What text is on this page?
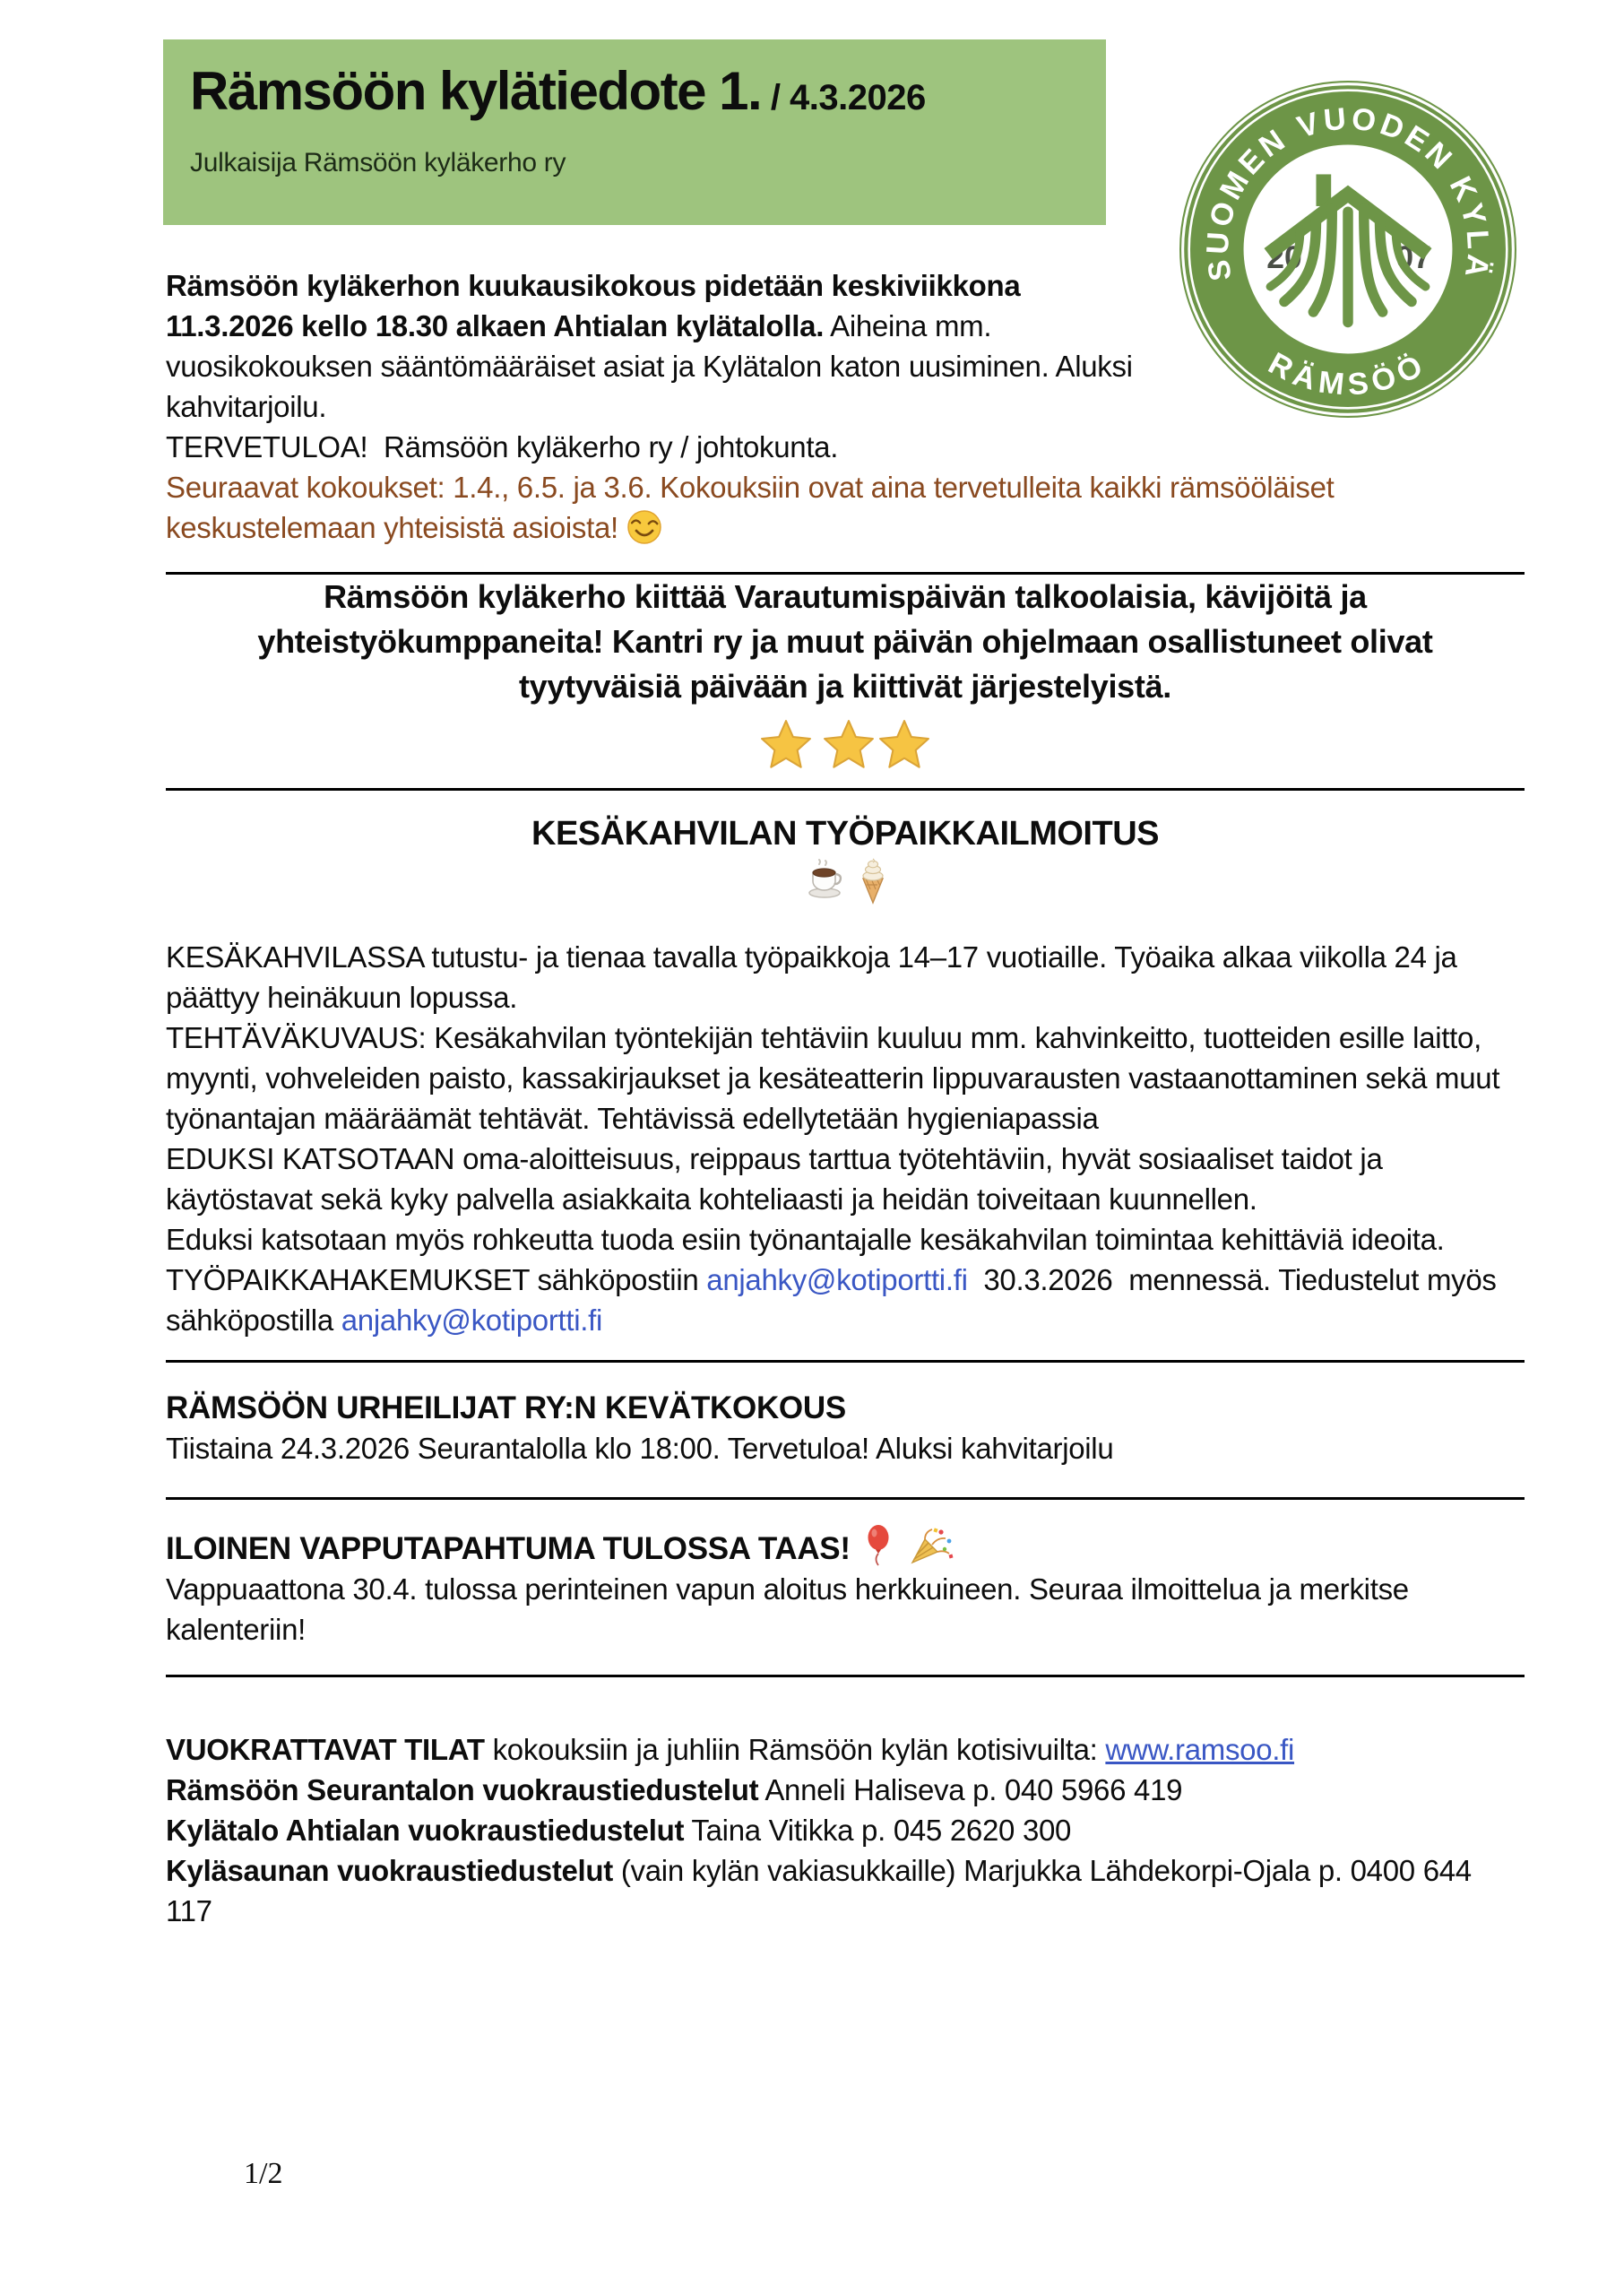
Rämsöön kylätiedote 1. / 4.3.2026
Julkaisija Rämsöön kyläkerho ry
SUOMEN VUODEN KYLÄ
RÄMSÖÖ
20	07

Rämsöön kyläkerhon kuukausikokous pidetään keskiviikkona 11.3.2026 kello 18.30 alkaen Ahtialan kylätalolla. Aiheina mm. vuosikokouksen sääntömääräiset asiat ja Kylätalon katon uusiminen. Aluksi kahvitarjoilu.

TERVETULOA!  Rämsöön kyläkerho ry / johtokunta.

Seuraavat kokoukset: 1.4., 6.5. ja 3.6. Kokouksiin ovat aina tervetulleita kaikki rämsööläiset keskustelemaan yhteisistä asioista!

Rämsöön kyläkerho kiittää Varautumispäivän talkoolaisia, kävijöitä ja yhteistyökumppaneita! Kantri ry ja muut päivän ohjelmaan osallistuneet olivat tyytyväisiä päivään ja kiittivät järjestelyistä.

KESÄKAHVILAN TYÖPAIKKAILMOITUS

KESÄKAHVILASSA tutustu- ja tienaa tavalla työpaikkoja 14–17 vuotiaille. Työaika alkaa viikolla 24 ja päättyy heinäkuun lopussa.

TEHTÄVÄKUVAUS: Kesäkahvilan työntekijän tehtäviin kuuluu mm. kahvinkeitto, tuotteiden esille laitto, myynti, vohveleiden paisto, kassakirjaukset ja kesäteatterin lippuvarausten vastaanottaminen sekä muut työnantajan määräämät tehtävät. Tehtävissä edellytetään hygieniapassia

EDUKSI KATSOTAAN oma-aloitteisuus, reippaus tarttua työtehtäviin, hyvät sosiaaliset taidot ja käytöstavat sekä kyky palvella asiakkaita kohteliaasti ja heidän toiveitaan kuunnellen.

Eduksi katsotaan myös rohkeutta tuoda esiin työnantajalle kesäkahvilan toimintaa kehittäviä ideoita.

TYÖPAIKKAHAKEMUKSET sähköpostiin anjahky@kotiportti.fi  30.3.2026  mennessä. Tiedustelut myös sähköpostilla anjahky@kotiportti.fi

RÄMSÖÖN URHEILIJAT RY:N KEVÄTKOKOUS

Tiistaina 24.3.2026 Seurantalolla klo 18:00. Tervetuloa! Aluksi kahvitarjoilu

ILOINEN VAPPUTAPAHTUMA TULOSSA TAAS!

Vappuaattona 30.4. tulossa perinteinen vapun aloitus herkkuineen. Seuraa ilmoittelua ja merkitse kalenteriin!

VUOKRATTAVAT TILAT kokouksiin ja juhliin Rämsöön kylän kotisivuilta: www.ramsoo.fi

Rämsöön Seurantalon vuokraustiedustelut Anneli Haliseva p. 040 5966 419

Kylätalo Ahtialan vuokraustiedustelut Taina Vitikka p. 045 2620 300

Kyläsaunan vuokraustiedustelut (vain kylän vakiasukkaille) Marjukka Lähdekorpi-Ojala p. 0400 644 117

1/2
